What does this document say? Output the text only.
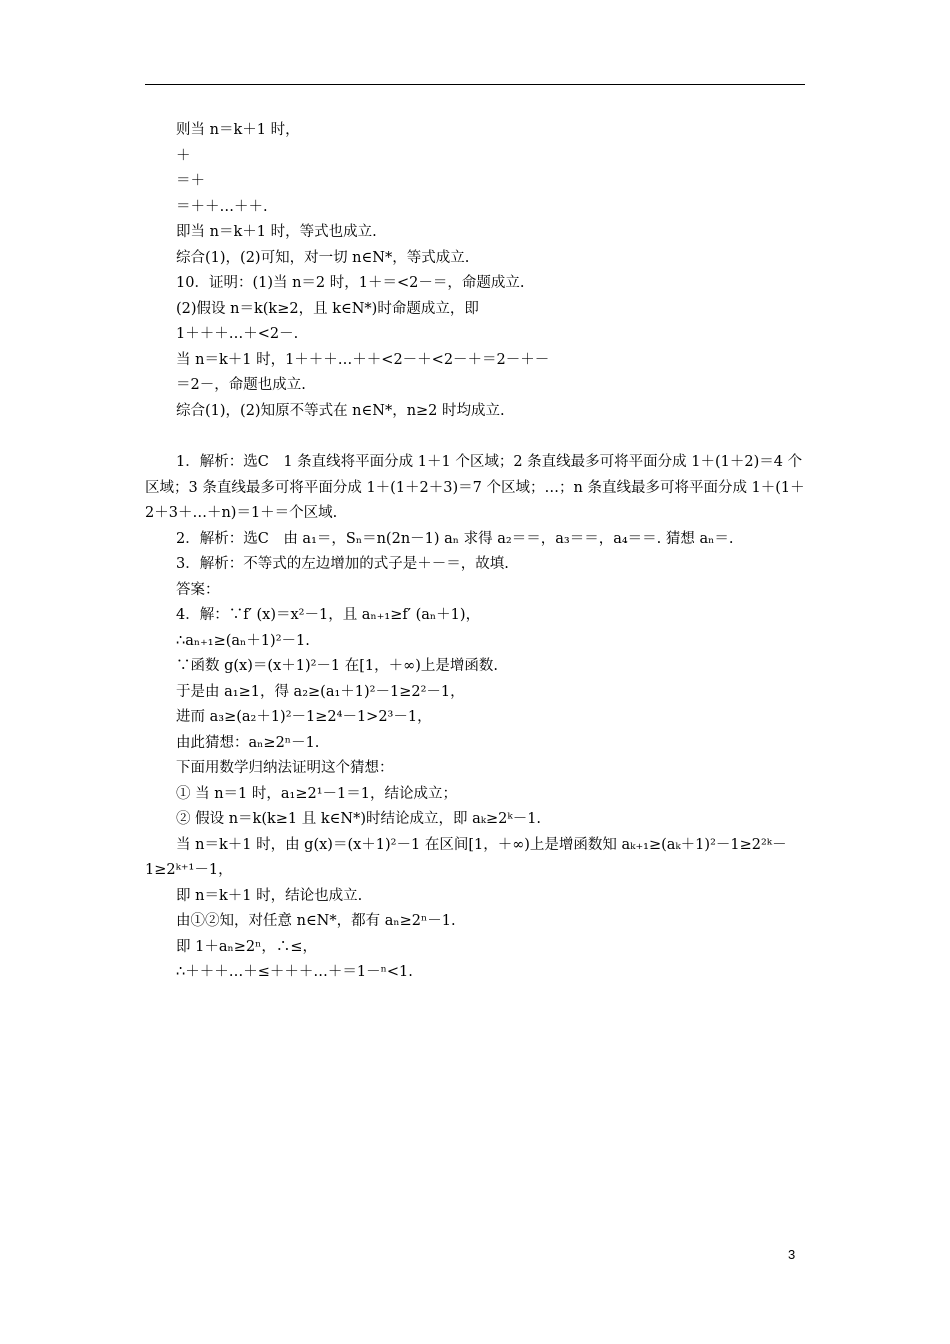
则当 n＝k＋1 时，
＋
＝＋
＝＋＋…＋＋.
即当 n＝k＋1 时，等式也成立.
综合(1)，(2)可知，对一切 n∈N*，等式成立.
10．证明：(1)当 n＝2 时，1＋＝<2－＝，命题成立.
(2)假设 n＝k(k≥2，且 k∈N*)时命题成立，即
1＋＋＋…＋<2－.
当 n＝k＋1 时，1＋＋＋…＋＋<2－＋<2－＋＝2－＋－
＝2－，命题也成立.
综合(1)，(2)知原不等式在 n∈N*，n≥2 时均成立.
1．解析：选C　1 条直线将平面分成 1＋1 个区域；2 条直线最多可将平面分成 1＋(1＋2)＝4 个区域；3 条直线最多可将平面分成 1＋(1＋2＋3)＝7 个区域；…；n 条直线最多可将平面分成 1＋(1＋2＋3＋…＋n)＝1＋＝个区域.
2．解析：选C　由 a₁＝，Sₙ＝n(2n－1) aₙ 求得 a₂＝＝，a₃＝＝，a₄＝＝. 猜想 aₙ＝.
3．解析：不等式的左边增加的式子是＋－＝，故填.
答案：
4．解：∵f′ (x)＝x²－1，且 aₙ₊₁≥f′ (aₙ＋1)，
∴aₙ₊₁≥(aₙ＋1)²－1.
∵函数 g(x)＝(x＋1)²－1 在[1，＋∞)上是增函数.
于是由 a₁≥1，得 a₂≥(a₁＋1)²－1≥2²－1，
进而 a₃≥(a₂＋1)²－1≥2⁴－1>2³－1，
由此猜想：aₙ≥2ⁿ－1.
下面用数学归纳法证明这个猜想：
① 当 n＝1 时，a₁≥2¹－1＝1，结论成立；
② 假设 n＝k(k≥1 且 k∈N*)时结论成立，即 aₖ≥2ᵏ－1.
当 n＝k＋1 时，由 g(x)＝(x＋1)²－1 在区间[1，＋∞)上是增函数知 aₖ₊₁≥(aₖ＋1)²－1≥2²ᵏ－1≥2ᵏ⁺¹－1，
即 n＝k＋1 时，结论也成立.
由①②知，对任意 n∈N*，都有 aₙ≥2ⁿ－1.
即 1＋aₙ≥2ⁿ，∴≤，
∴＋＋＋…＋≤＋＋＋…＋＝1－ⁿ<1.
3
